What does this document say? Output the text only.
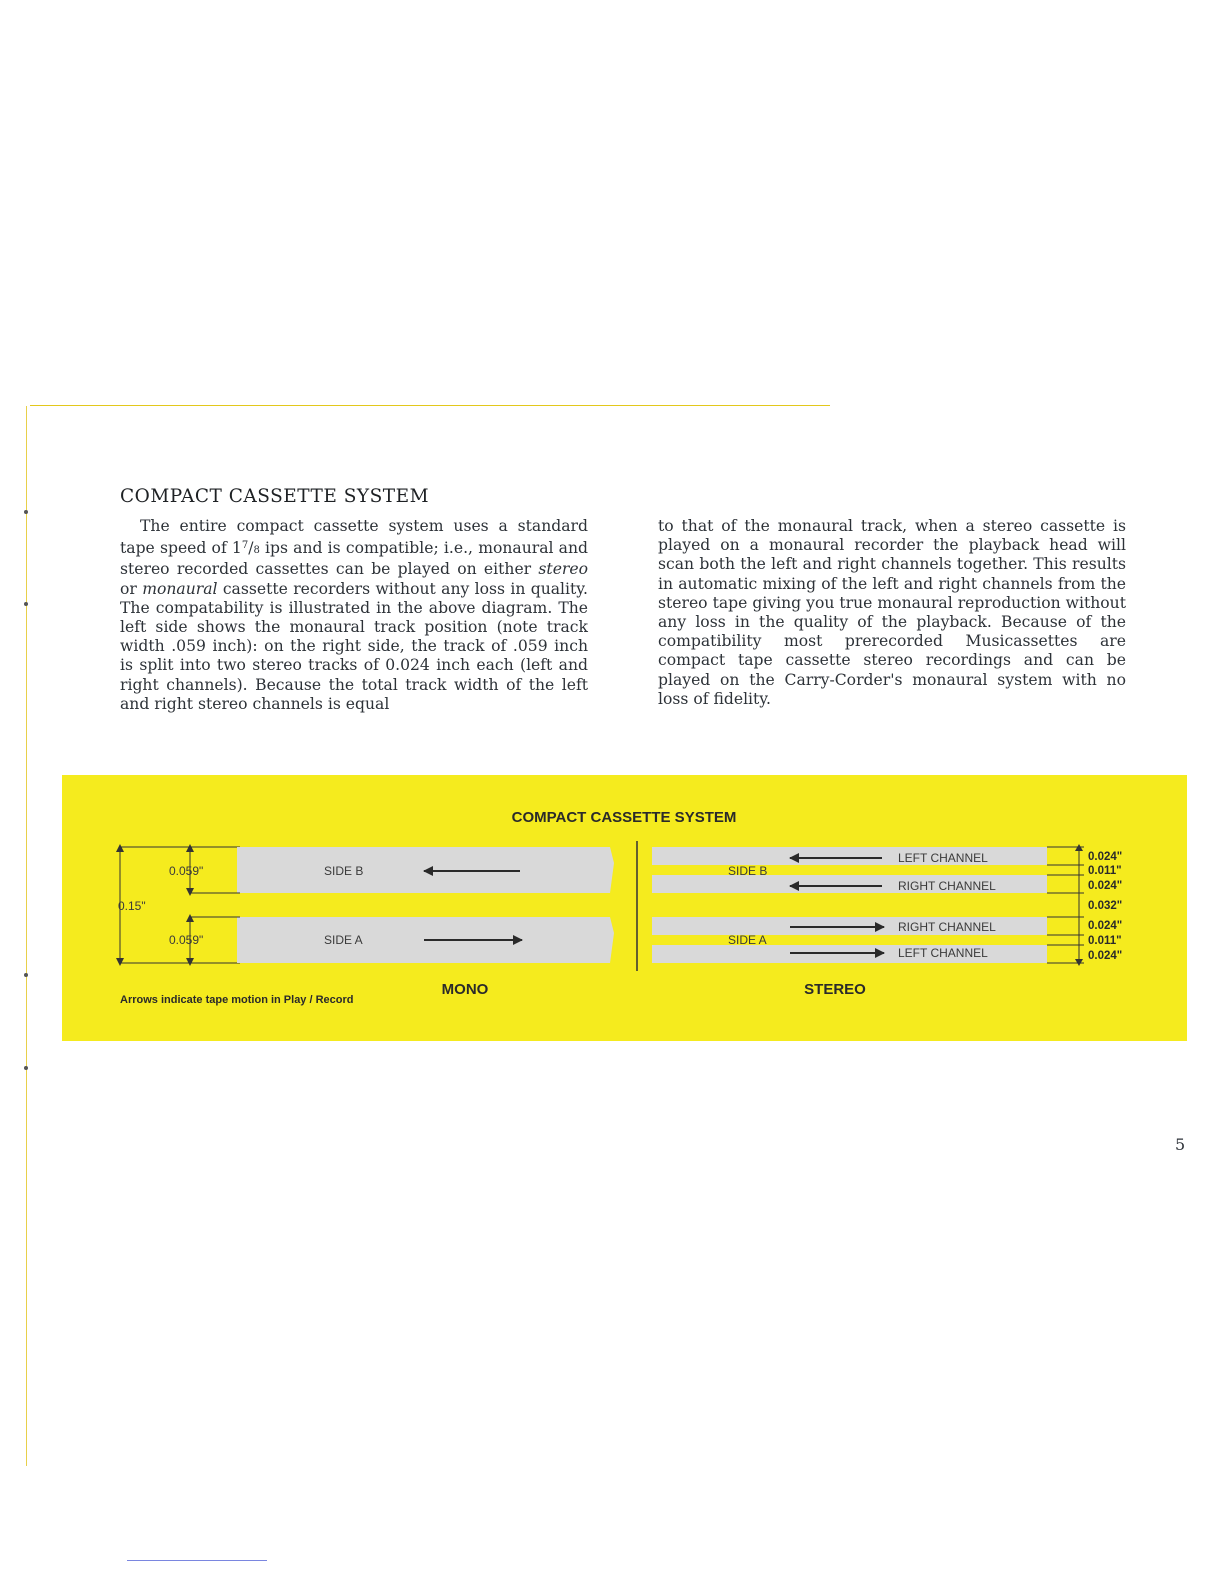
COMPACT CASSETTE SYSTEM

The entire compact cassette system uses a standard tape speed of $1^7/8$ ips and is compatible; i.e., monaural and stereo recorded cassettes can be played on either stereo or monaural cassette recorders without any loss in quality. The compatability is illustrated in the above diagram. The left side shows the monaural track position (note track width .059 inch): on the right side, the track of .059 inch is split into two stereo tracks of 0.024 inch each (left and right channels). Because the total track width of the left and right stereo channels is equal

to that of the monaural track, when a stereo cassette is played on a monaural recorder the playback head will scan both the left and right channels together. This results in automatic mixing of the left and right channels from the stereo tape giving you true monaural reproduction without any loss in the quality of the playback. Because of the compatibility most prerecorded Musicassettes are compact tape cassette stereo recordings and can be played on the Carry-Corder's monaural system with no loss of fidelity.

COMPACT CASSETTE SYSTEM
0.15"
0.059"	SIDE B
0.059"	SIDE A
MONO
SIDE B
LEFT CHANNEL
RIGHT CHANNEL
SIDE A
RIGHT CHANNEL
LEFT CHANNEL
0.024"
0.011"
0.024"
0.032"
0.024"
0.011"
0.024"
STEREO
Arrows indicate tape motion in Play / Record
5
